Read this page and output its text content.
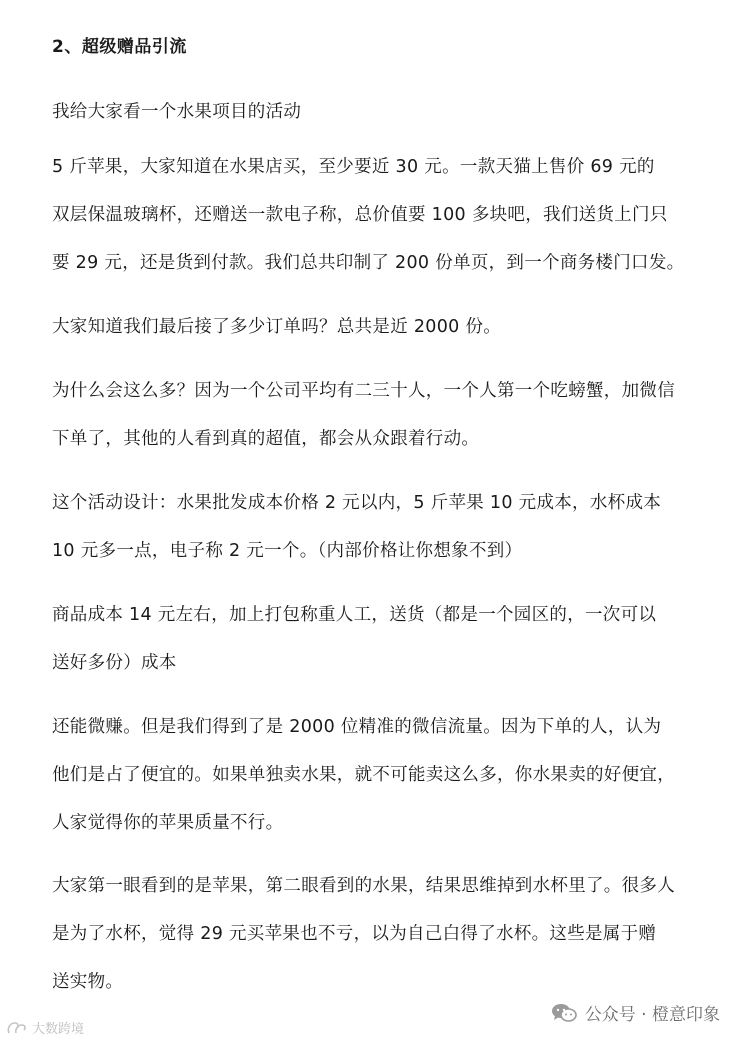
2、超级赠品引流
我给大家看一个水果项目的活动
5 斤苹果，大家知道在水果店买，至少要近 30 元。一款天猫上售价 69 元的
双层保温玻璃杯，还赠送一款电子称，总价值要 100 多块吧，我们送货上门只
要 29 元，还是货到付款。我们总共印制了 200 份单页，到一个商务楼门口发。
大家知道我们最后接了多少订单吗？总共是近 2000 份。
为什么会这么多？因为一个公司平均有二三十人，一个人第一个吃螃蟹，加微信
下单了，其他的人看到真的超值，都会从众跟着行动。
这个活动设计：水果批发成本价格 2 元以内，5 斤苹果 10 元成本，水杯成本
10 元多一点，电子称 2 元一个。（内部价格让你想象不到）
商品成本 14 元左右，加上打包称重人工，送货（都是一个园区的，一次可以
送好多份）成本
还能微赚。但是我们得到了是 2000 位精准的微信流量。因为下单的人，认为
他们是占了便宜的。如果单独卖水果，就不可能卖这么多，你水果卖的好便宜，
人家觉得你的苹果质量不行。
大家第一眼看到的是苹果，第二眼看到的水果，结果思维掉到水杯里了。很多人
是为了水杯，觉得 29 元买苹果也不亏，以为自己白得了水杯。这些是属于赠
送实物。
公众号 · 橙意印象
大数跨境
